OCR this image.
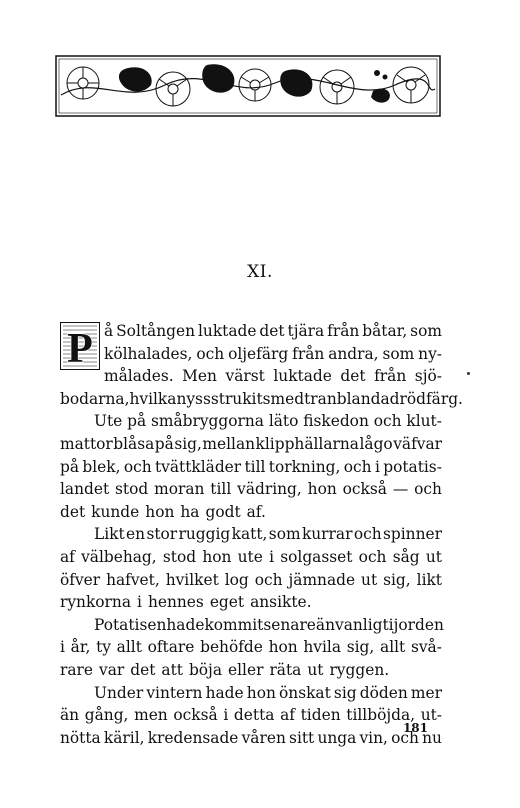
XI.
P å Soltången luktade det tjära från båtar, som
kölhalades, och oljefärg från andra, som ny-
målades. Men värst luktade det från sjö-
bodarna, hvilka nyss strukits med tranblandad rödfärg.
Ute på småbryggorna läto fiskedon och klut-
mattor blåsa på sig, mellan klipphällarna lågo väfvar
på blek, och tvättkläder till torkning, och i potatis-
landet stod moran till vädring, hon också — och
det kunde hon ha godt af.
Likt en stor ruggig katt, som kurrar och spinner
af välbehag, stod hon ute i solgasset och såg ut
öfver hafvet, hvilket log och jämnade ut sig, likt
rynkorna i hennes eget ansikte.
Potatisen hade kommit senare än vanligt i jorden
i år, ty allt oftare behöfde hon hvila sig, allt svå-
rare var det att böja eller räta ut ryggen.
Under vintern hade hon önskat sig döden mer
än gång, men också i detta af tiden tillböjda, ut-
nötta käril, kredensade våren sitt unga vin, och nu
181
